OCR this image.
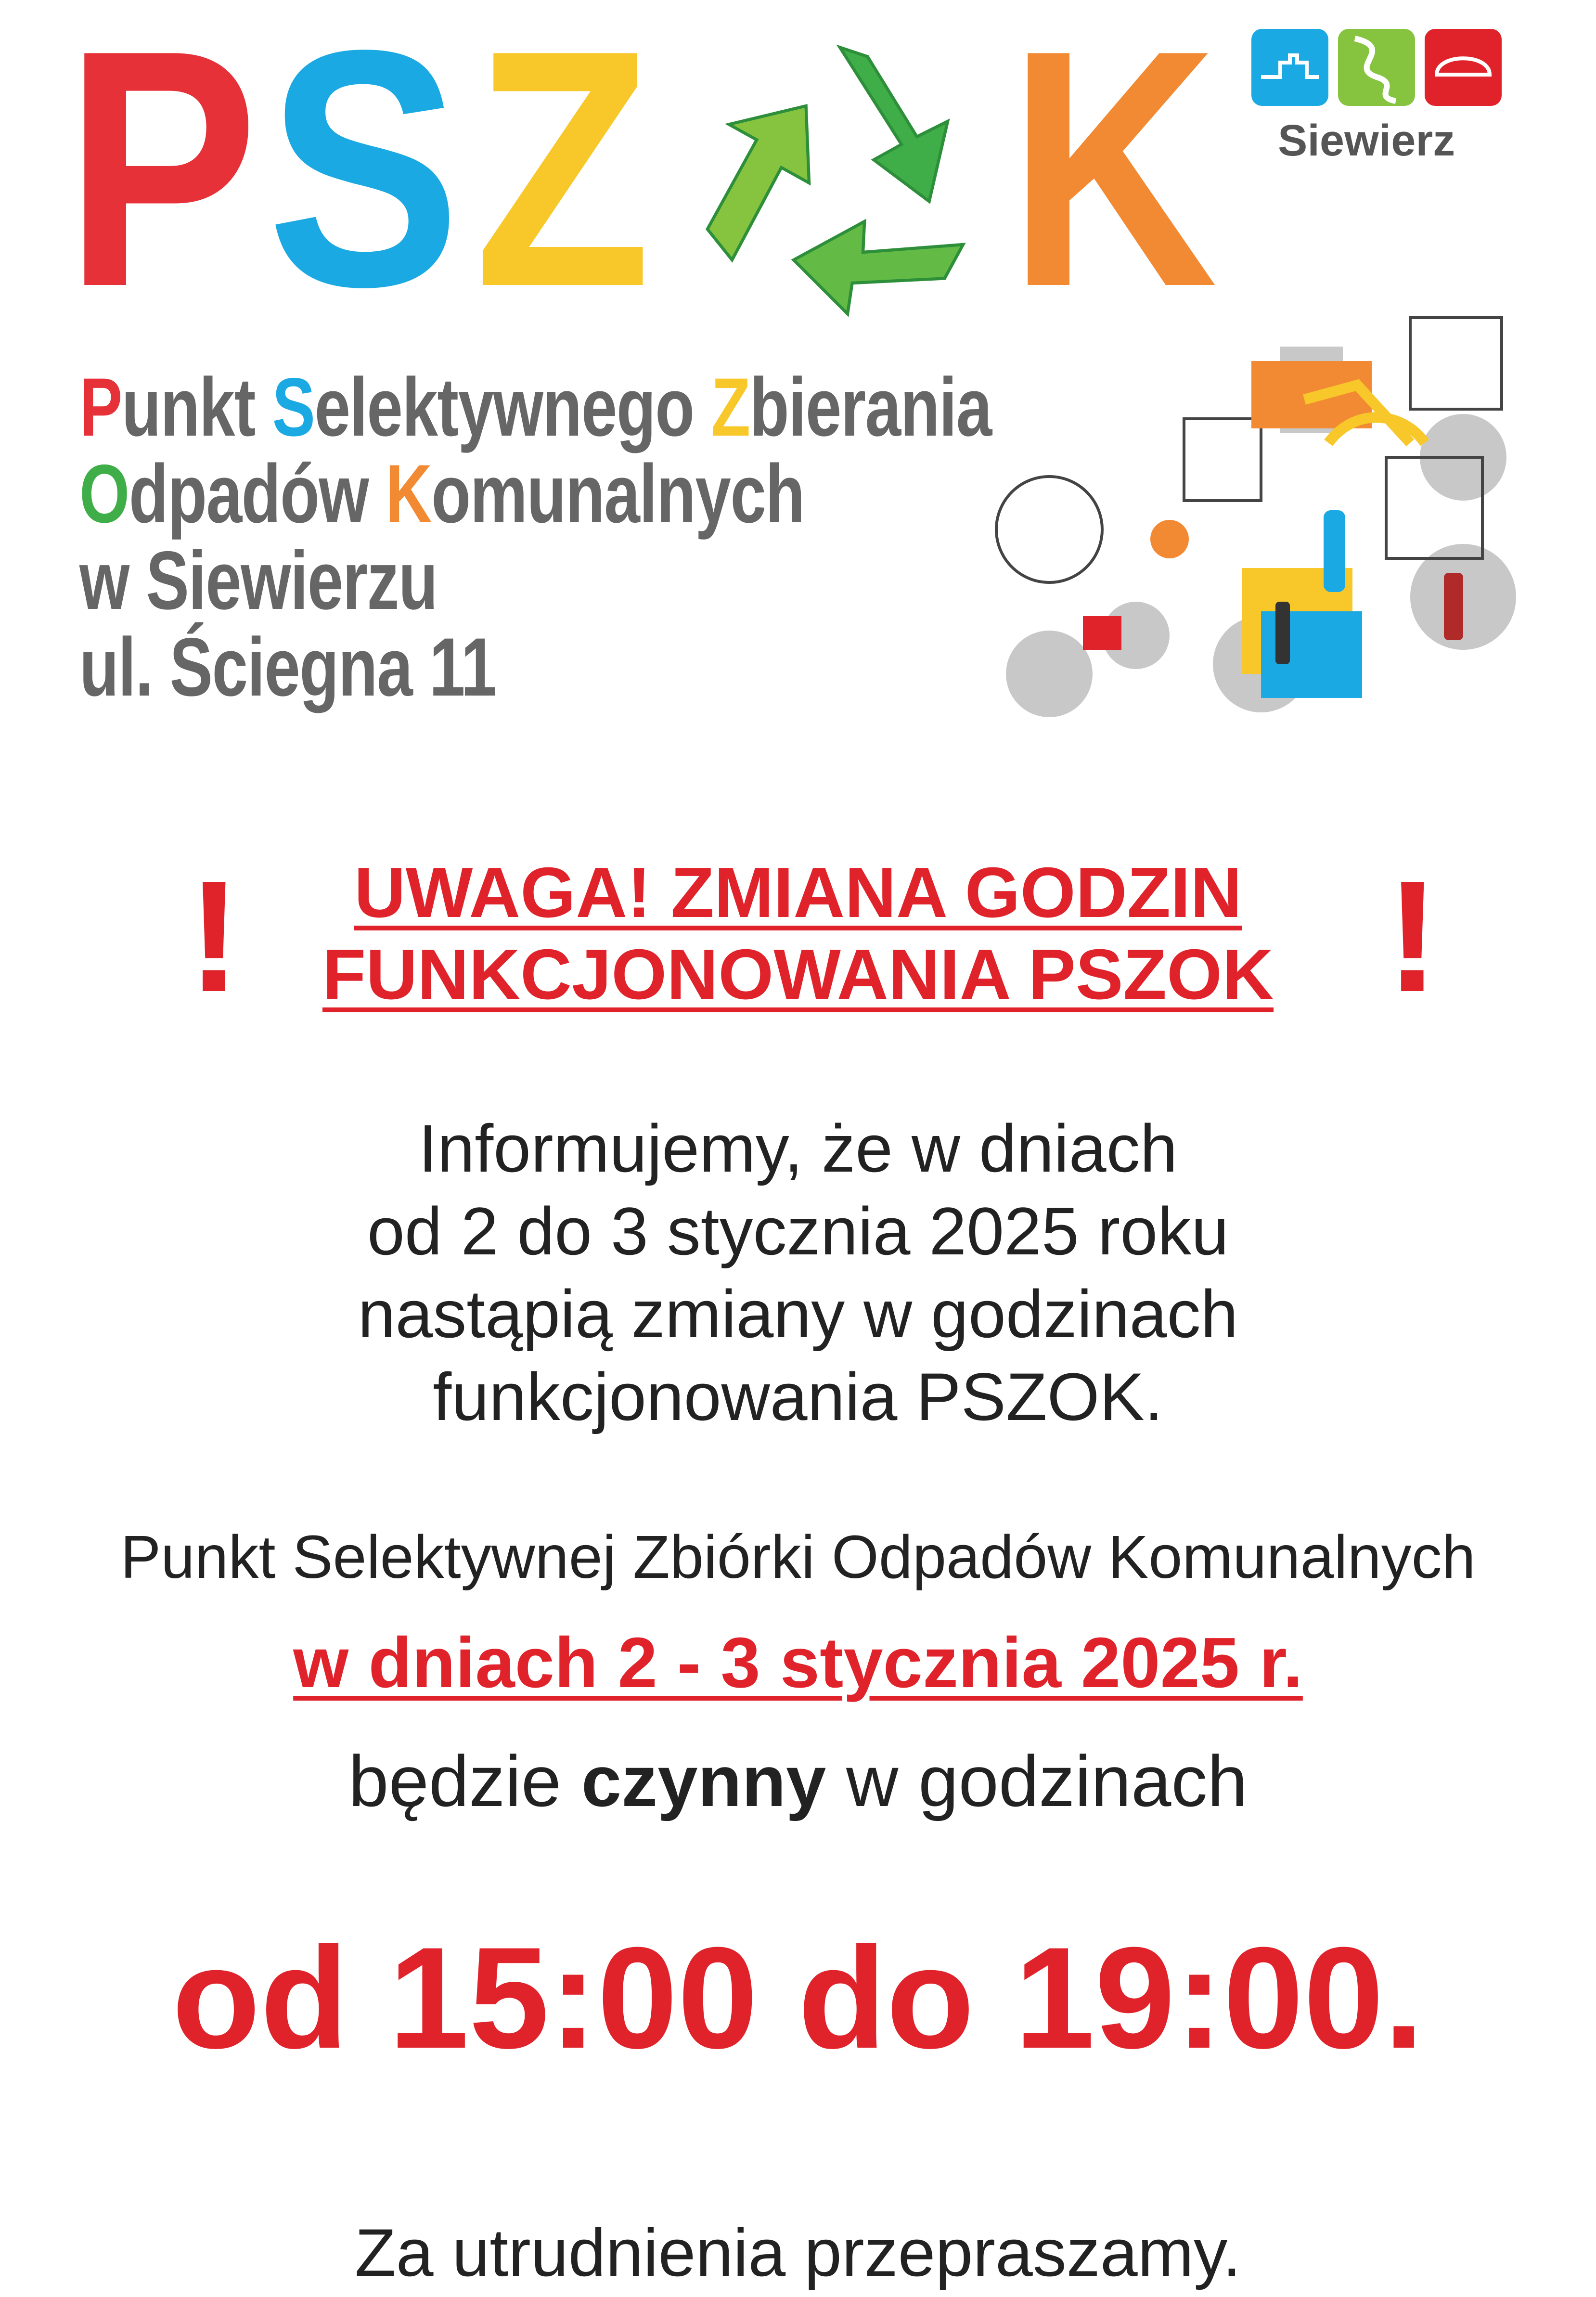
P S Z K Siewierz
Punkt Selektywnego Zbierania
Odpadów Komunalnych
w Siewierzu
ul. Ściegna 11
!	!
UWAGA! ZMIANA GODZIN
FUNKCJONOWANIA PSZOK
Informujemy, że w dniach
od 2 do 3 stycznia 2025 roku
nastąpią zmiany w godzinach
funkcjonowania PSZOK.
Punkt Selektywnej Zbiórki Odpadów Komunalnych
w dniach 2 - 3 stycznia 2025 r.
będzie czynny w godzinach
od 15:00 do 19:00.
Za utrudnienia przepraszamy.
